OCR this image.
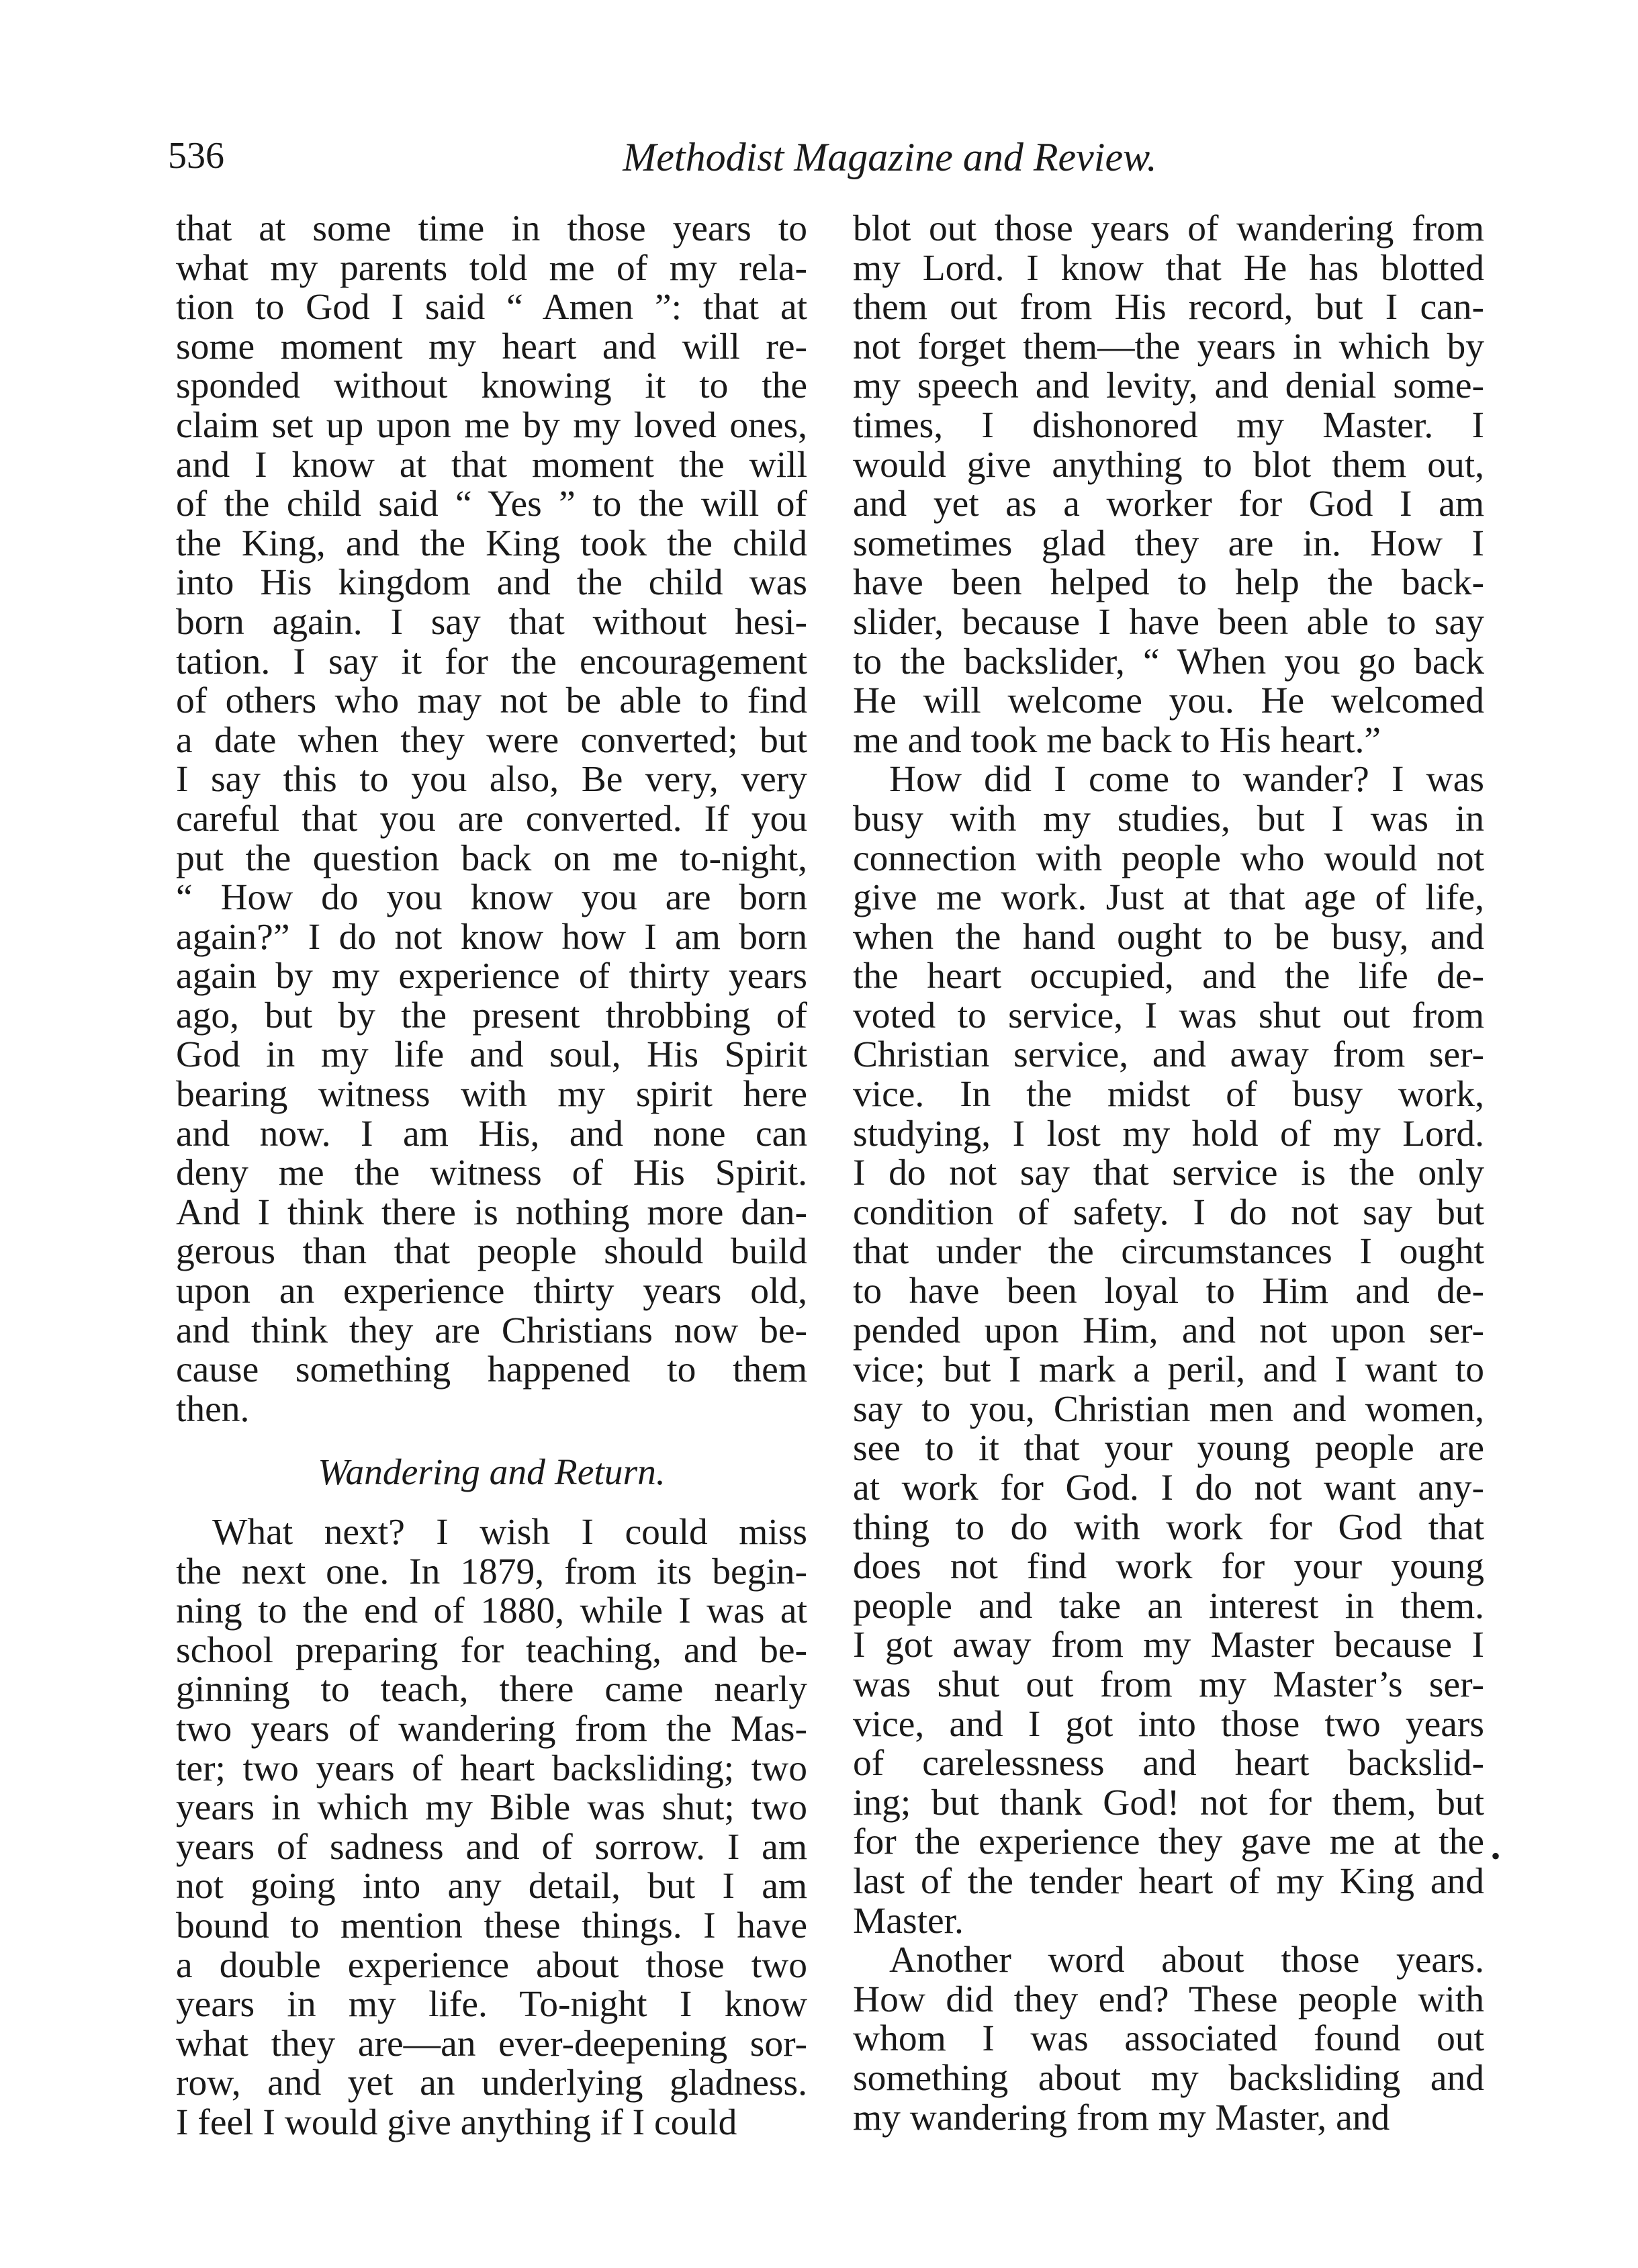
536	Methodist Magazine and Review.
that at some time in those years to
what my parents told me of my rela-
tion to God I said “ Amen ”: that at
some moment my heart and will re-
sponded without knowing it to the
claim set up upon me by my loved ones,
and I know at that moment the will
of the child said “ Yes ” to the will of
the King, and the King took the child
into His kingdom and the child was
born again. I say that without hesi-
tation. I say it for the encouragement
of others who may not be able to find
a date when they were converted; but
I say this to you also, Be very, very
careful that you are converted. If you
put the question back on me to-night,
“ How do you know you are born
again?” I do not know how I am born
again by my experience of thirty years
ago, but by the present throbbing of
God in my life and soul, His Spirit
bearing witness with my spirit here
and now. I am His, and none can
deny me the witness of His Spirit.
And I think there is nothing more dan-
gerous than that people should build
upon an experience thirty years old,
and think they are Christians now be-
cause something happened to them
then.
Wandering and Return.
What next? I wish I could miss
the next one. In 1879, from its begin-
ning to the end of 1880, while I was at
school preparing for teaching, and be-
ginning to teach, there came nearly
two years of wandering from the Mas-
ter; two years of heart backsliding; two
years in which my Bible was shut; two
years of sadness and of sorrow. I am
not going into any detail, but I am
bound to mention these things. I have
a double experience about those two
years in my life. To-night I know
what they are—an ever-deepening sor-
row, and yet an underlying gladness.
I feel I would give anything if I could
blot out those years of wandering from
my Lord. I know that He has blotted
them out from His record, but I can-
not forget them—the years in which by
my speech and levity, and denial some-
times, I dishonored my Master. I
would give anything to blot them out,
and yet as a worker for God I am
sometimes glad they are in. How I
have been helped to help the back-
slider, because I have been able to say
to the backslider, “ When you go back
He will welcome you. He welcomed
me and took me back to His heart.”
How did I come to wander? I was
busy with my studies, but I was in
connection with people who would not
give me work. Just at that age of life,
when the hand ought to be busy, and
the heart occupied, and the life de-
voted to service, I was shut out from
Christian service, and away from ser-
vice. In the midst of busy work,
studying, I lost my hold of my Lord.
I do not say that service is the only
condition of safety. I do not say but
that under the circumstances I ought
to have been loyal to Him and de-
pended upon Him, and not upon ser-
vice; but I mark a peril, and I want to
say to you, Christian men and women,
see to it that your young people are
at work for God. I do not want any-
thing to do with work for God that
does not find work for your young
people and take an interest in them.
I got away from my Master because I
was shut out from my Master’s ser-
vice, and I got into those two years
of carelessness and heart backslid-
ing; but thank God! not for them, but
for the experience they gave me at the
last of the tender heart of my King and
Master.
Another word about those years.
How did they end? These people with
whom I was associated found out
something about my backsliding and
my wandering from my Master, and
•
